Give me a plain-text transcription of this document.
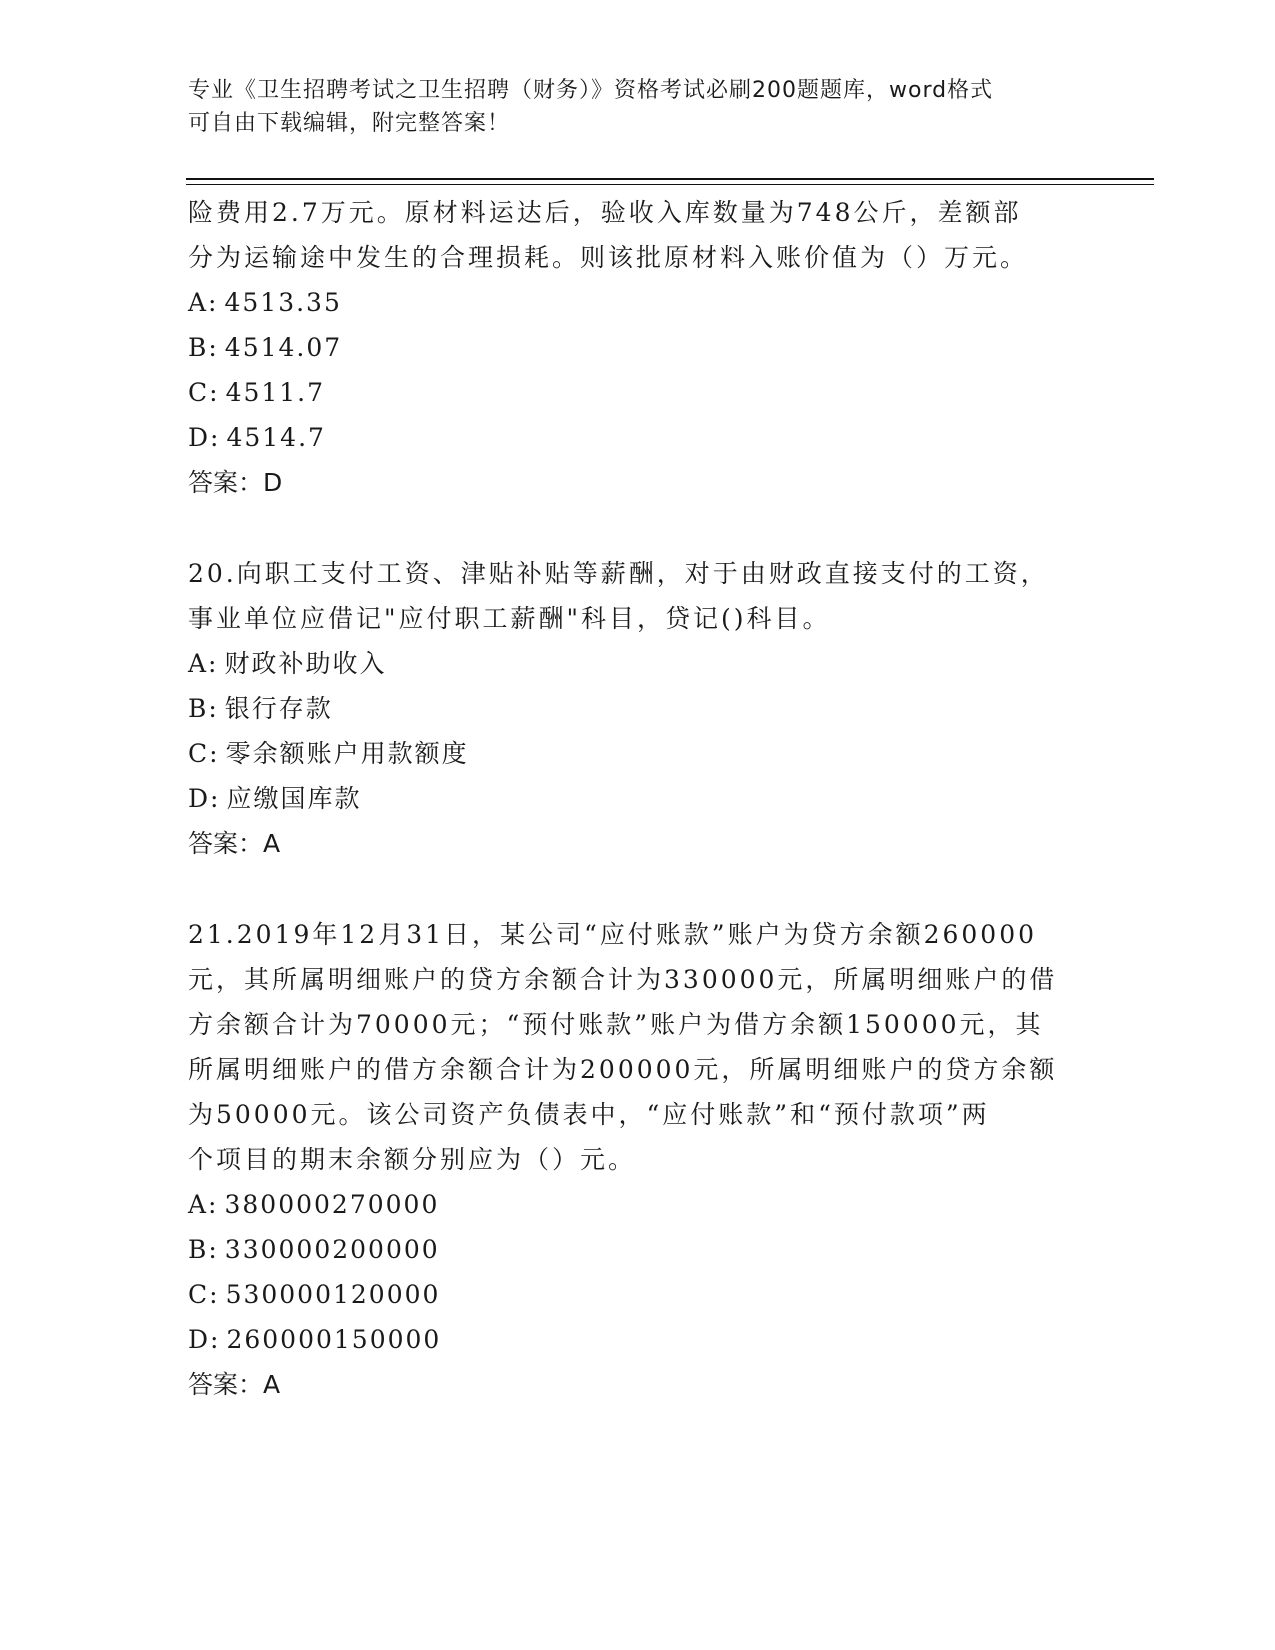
专业《卫生招聘考试之卫生招聘（财务）》资格考试必刷200题题库，word格式
可自由下载编辑，附完整答案！

险费用2.7万元。原材料运达后，验收入库数量为748公斤，差额部

分为运输途中发生的合理损耗。则该批原材料入账价值为（）万元。

A: 4513.35

B: 4514.07

C: 4511.7

D: 4514.7

答案：D

20.向职工支付工资、津贴补贴等薪酬，对于由财政直接支付的工资，

事业单位应借记"应付职工薪酬"科目，贷记()科目。

A: 财政补助收入

B: 银行存款

C: 零余额账户用款额度

D: 应缴国库款

答案：A

21.2019年12月31日，某公司“应付账款”账户为贷方余额260000

元，其所属明细账户的贷方余额合计为330000元，所属明细账户的借

方余额合计为70000元；“预付账款”账户为借方余额150000元，其

所属明细账户的借方余额合计为200000元，所属明细账户的贷方余额

为50000元。该公司资产负债表中，“应付账款”和“预付款项”两

个项目的期末余额分别应为（）元。

A: 380000270000

B: 330000200000

C: 530000120000

D: 260000150000

答案：A
